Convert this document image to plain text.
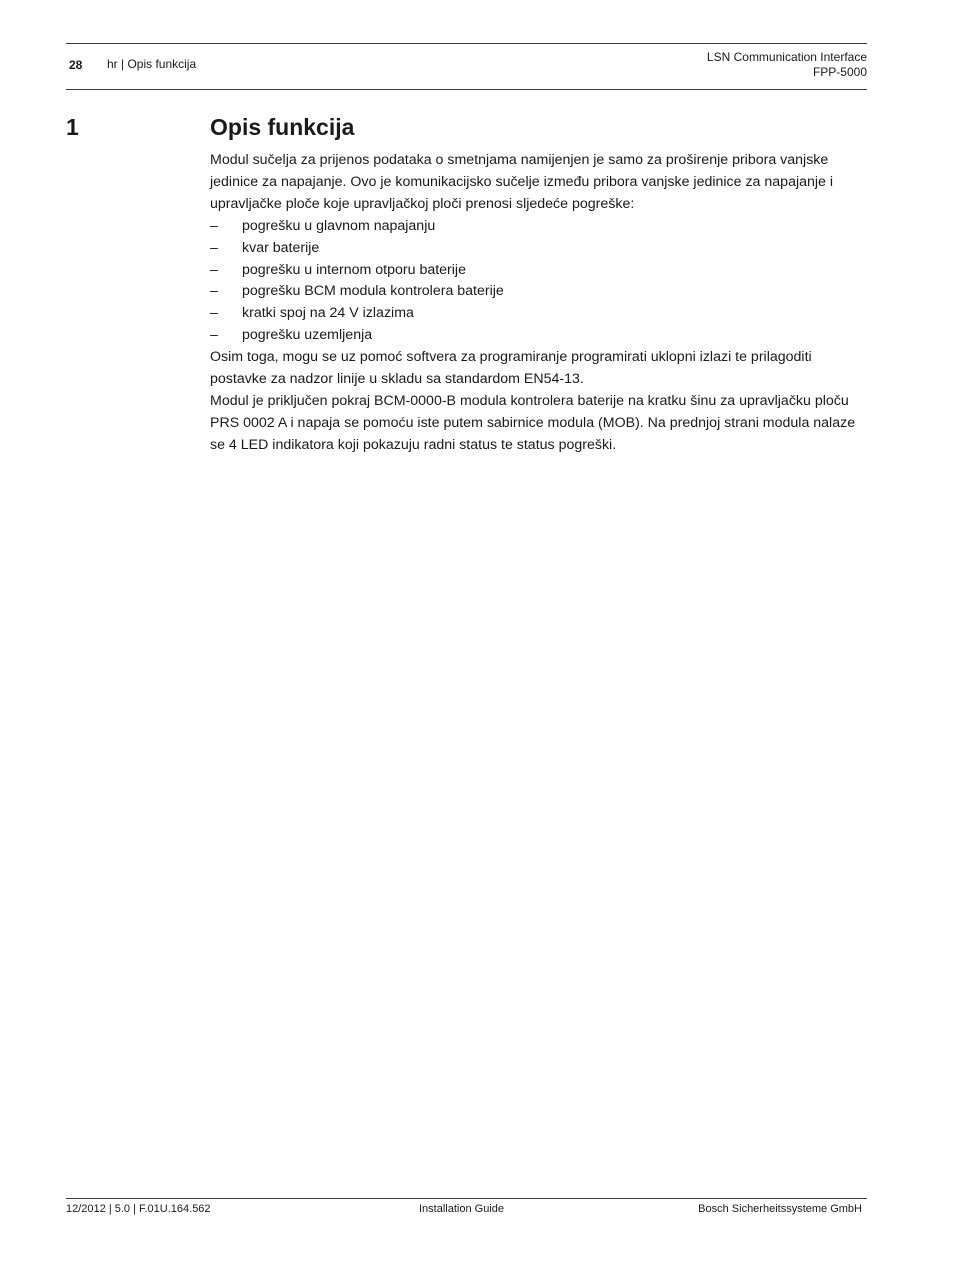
28 hr | Opis funkcija	LSN Communication Interface
FPP-5000
1	Opis funkcija

Modul sučelja za prijenos podataka o smetnjama namijenjen je samo za proširenje pribora vanjske jedinice za napajanje. Ovo je komunikacijsko sučelje između pribora vanjske jedinice za napajanje i upravljačke ploče koje upravljačkoj ploči prenosi sljedeće pogreške:

– pogrešku u glavnom napajanju
– kvar baterije
– pogrešku u internom otporu baterije
– pogrešku BCM modula kontrolera baterije
– kratki spoj na 24 V izlazima
– pogrešku uzemljenja

Osim toga, mogu se uz pomoć softvera za programiranje programirati uklopni izlazi te prilagoditi postavke za nadzor linije u skladu sa standardom EN54-13.

Modul je priključen pokraj BCM-0000-B modula kontrolera baterije na kratku šinu za upravljačku ploču PRS 0002 A i napaja se pomoću iste putem sabirnice modula (MOB). Na prednjoj strani modula nalaze se 4 LED indikatora koji pokazuju radni status te status pogreški.

12/2012 | 5.0 | F.01U.164.562	Installation Guide	Bosch Sicherheitssysteme GmbH
